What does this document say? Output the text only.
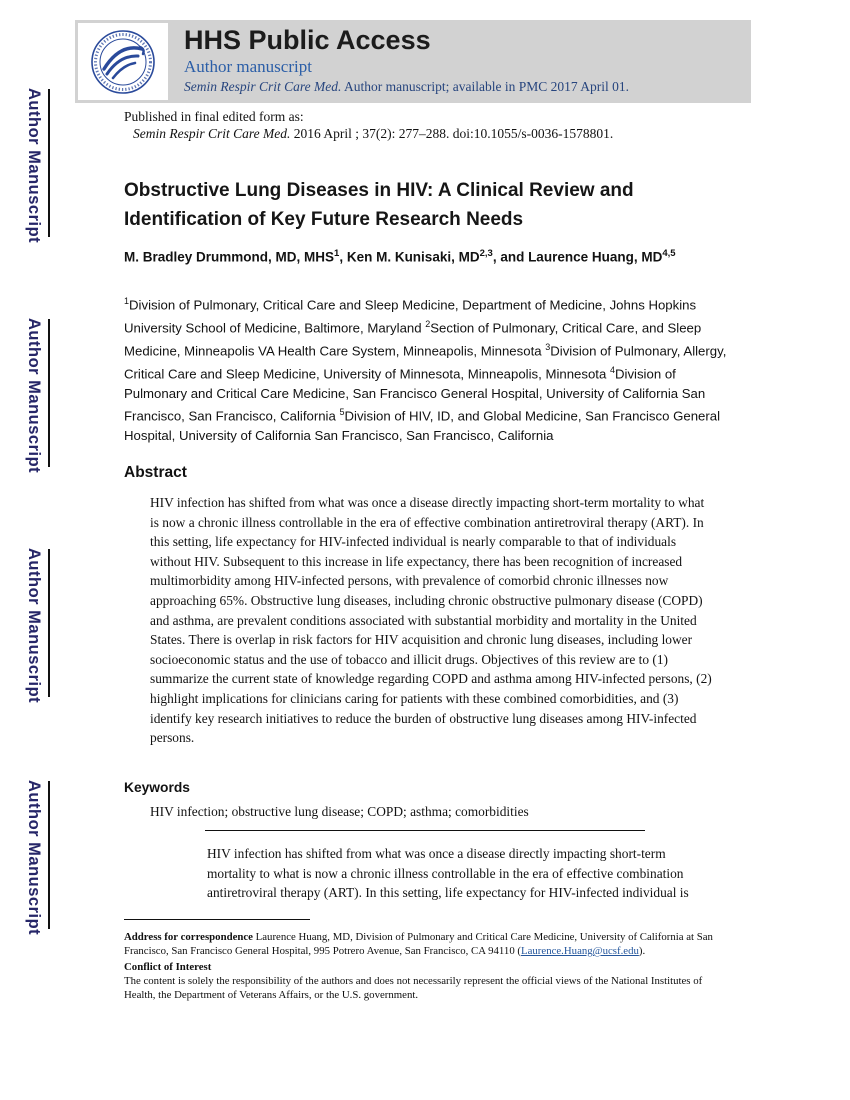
Author Manuscript
Author Manuscript
Author Manuscript
Author Manuscript
HHS Public Access
Author manuscript
Semin Respir Crit Care Med. Author manuscript; available in PMC 2017 April 01.
Published in final edited form as:
Semin Respir Crit Care Med. 2016 April ; 37(2): 277–288. doi:10.1055/s-0036-1578801.
Obstructive Lung Diseases in HIV: A Clinical Review and Identification of Key Future Research Needs
M. Bradley Drummond, MD, MHS$^1$, Ken M. Kunisaki, MD$^{2,3}$, and Laurence Huang, MD$^{4,5}$
$^1$Division of Pulmonary, Critical Care and Sleep Medicine, Department of Medicine, Johns Hopkins University School of Medicine, Baltimore, Maryland $^2$Section of Pulmonary, Critical Care, and Sleep Medicine, Minneapolis VA Health Care System, Minneapolis, Minnesota $^3$Division of Pulmonary, Allergy, Critical Care and Sleep Medicine, University of Minnesota, Minneapolis, Minnesota $^4$Division of Pulmonary and Critical Care Medicine, San Francisco General Hospital, University of California San Francisco, San Francisco, California $^5$Division of HIV, ID, and Global Medicine, San Francisco General Hospital, University of California San Francisco, San Francisco, California
Abstract
HIV infection has shifted from what was once a disease directly impacting short-term mortality to what is now a chronic illness controllable in the era of effective combination antiretroviral therapy (ART). In this setting, life expectancy for HIV-infected individual is nearly comparable to that of individuals without HIV. Subsequent to this increase in life expectancy, there has been recognition of increased multimorbidity among HIV-infected persons, with prevalence of comorbid chronic illnesses now approaching 65%. Obstructive lung diseases, including chronic obstructive pulmonary disease (COPD) and asthma, are prevalent conditions associated with substantial morbidity and mortality in the United States. There is overlap in risk factors for HIV acquisition and chronic lung diseases, including lower socioeconomic status and the use of tobacco and illicit drugs. Objectives of this review are to (1) summarize the current state of knowledge regarding COPD and asthma among HIV-infected persons, (2) highlight implications for clinicians caring for patients with these combined comorbidities, and (3) identify key research initiatives to reduce the burden of obstructive lung diseases among HIV-infected persons.
Keywords
HIV infection; obstructive lung disease; COPD; asthma; comorbidities
HIV infection has shifted from what was once a disease directly impacting short-term mortality to what is now a chronic illness controllable in the era of effective combination antiretroviral therapy (ART). In this setting, life expectancy for HIV-infected individual is

Address for correspondence Laurence Huang, MD, Division of Pulmonary and Critical Care Medicine, University of California at San Francisco, San Francisco General Hospital, 995 Potrero Avenue, San Francisco, CA 94110 (Laurence.Huang@ucsf.edu).

Conflict of Interest

The content is solely the responsibility of the authors and does not necessarily represent the official views of the National Institutes of Health, the Department of Veterans Affairs, or the U.S. government.
